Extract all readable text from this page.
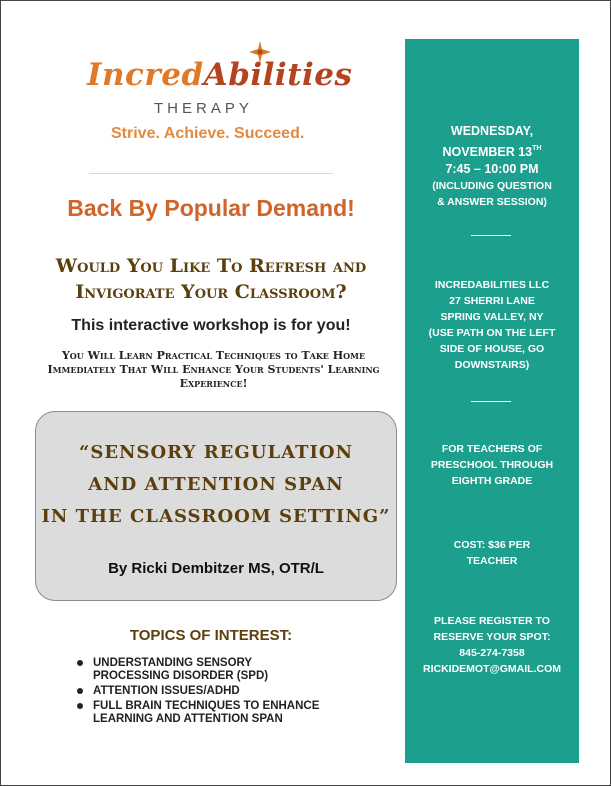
IncredAbilities
THERAPY
Strive. Achieve. Succeed.
Back By Popular Demand!
Would You Like To Refresh and
Invigorate Your Classroom?
This interactive workshop is for you!
You Will Learn Practical Techniques to Take Home
Immediately That Will Enhance Your Students' Learning
Experience!
“SENSORY REGULATION
AND ATTENTION SPAN
IN THE CLASSROOM SETTING”
By Ricki Dembitzer MS, OTR/L
TOPICS OF INTEREST:
UNDERSTANDING SENSORY
PROCESSING DISORDER (SPD)
ATTENTION ISSUES/ADHD
FULL BRAIN TECHNIQUES TO ENHANCE
LEARNING AND ATTENTION SPAN
WEDNESDAY,
NOVEMBER 13TH
7:45 – 10:00 PM
(INCLUDING QUESTION
& ANSWER SESSION)
INCREDABILITIES LLC
27 SHERRI LANE
SPRING VALLEY, NY
(USE PATH ON THE LEFT
SIDE OF HOUSE, GO
DOWNSTAIRS)
FOR TEACHERS OF
PRESCHOOL THROUGH
EIGHTH GRADE
COST: $36 PER
TEACHER
PLEASE REGISTER TO
RESERVE YOUR SPOT:
845-274-7358
RICKIDEMOT@GMAIL.COM
